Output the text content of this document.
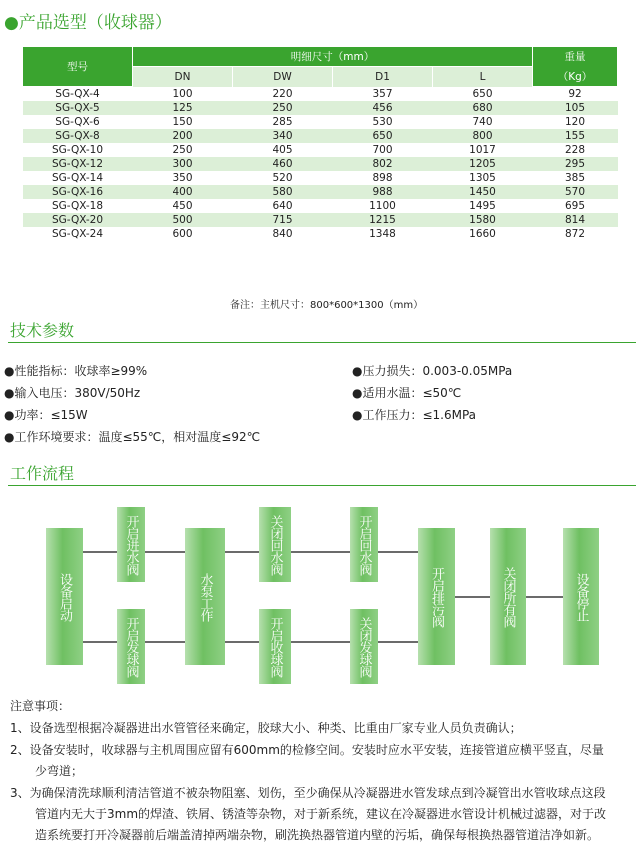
●产品选型（收球器）
型号	明细尺寸（mm）				重量
	DN	DW	D1	L	（Kg）
SG-QX-4	100	220	357	650	92
SG-QX-5	125	250	456	680	105
SG-QX-6	150	285	530	740	120
SG-QX-8	200	340	650	800	155
SG-QX-10	250	405	700	1017	228
SG-QX-12	300	460	802	1205	295
SG-QX-14	350	520	898	1305	385
SG-QX-16	400	580	988	1450	570
SG-QX-18	450	640	1100	1495	695
SG-QX-20	500	715	1215	1580	814
SG-QX-24	600	840	1348	1660	872
备注：主机尺寸：800*600*1300（mm）
技术参数
●性能指标：收球率≥99%
●输入电压：380V/50Hz
●功率：≤15W
●工作环境要求：温度≤55℃，相对温度≤92℃
●压力损失：0.003-0.05MPa
●适用水温：≤50℃
●工作压力：≤1.6MPa
工作流程
设备启动
开启进水阀
开启发球阀
水泵工作
关闭回水阀
开启收球阀
开启回水阀
关闭发球阀
开启排污阀	关闭所有阀	设备停止
注意事项：
1、设备选型根据冷凝器进出水管管径来确定，胶球大小、种类、比重由厂家专业人员负责确认；
2、设备安装时，收球器与主机周围应留有600mm的检修空间。安装时应水平安装，连接管道应横平竖直，尽量
少弯道；
3、为确保清洗球顺利清洁管道不被杂物阻塞、划伤，至少确保从冷凝器进水管发球点到冷凝管出水管收球点这段
管道内无大于3mm的焊渣、铁屑、锈渣等杂物，对于新系统，建议在冷凝器进水管设计机械过滤器，对于改
造系统要打开冷凝器前后端盖清掉两端杂物，刷洗换热器管道内壁的污垢，确保每根换热器管道洁净如新。
